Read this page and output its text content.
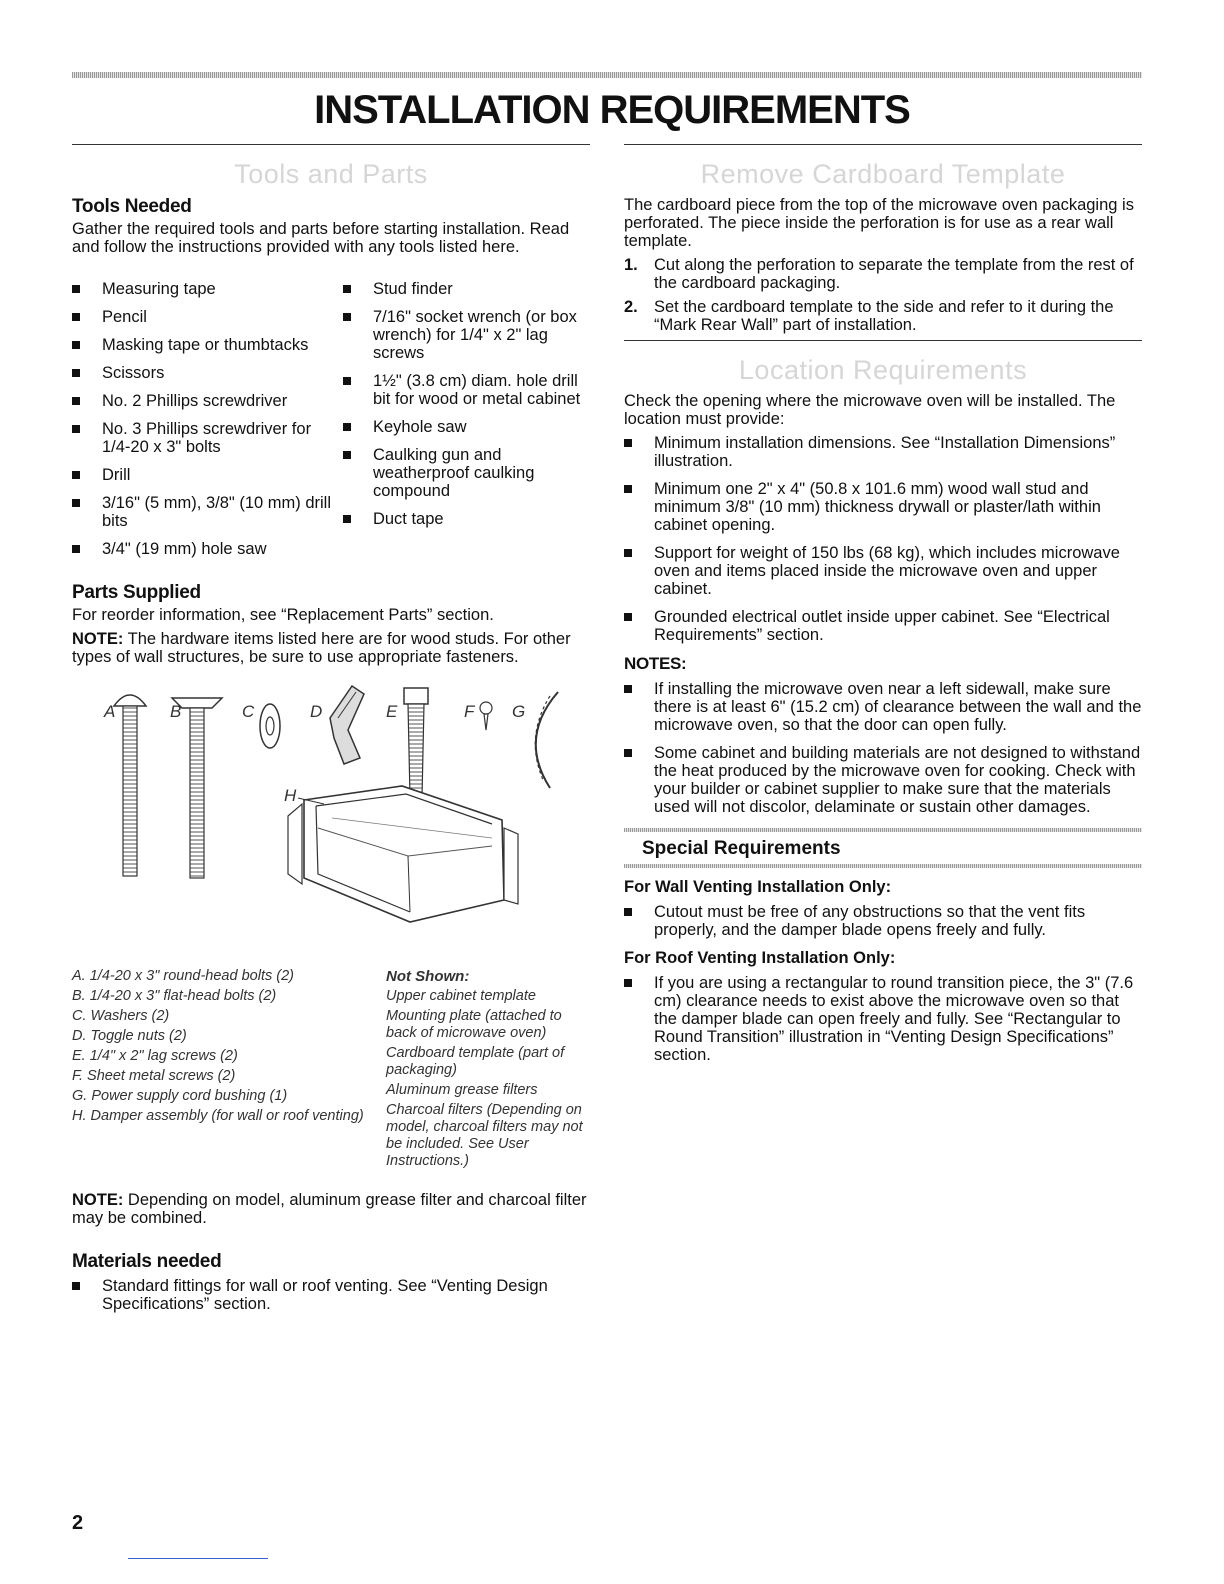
INSTALLATION REQUIREMENTS
Tools and Parts

Tools Needed

Gather the required tools and parts before starting installation. Read and follow the instructions provided with any tools listed here.

Measuring tape
Pencil
Masking tape or thumbtacks
Scissors
No. 2 Phillips screwdriver
No. 3 Phillips screwdriver for 1/4-20 x 3" bolts
Drill
3/16" (5 mm), 3/8" (10 mm) drill bits
3/4" (19 mm) hole saw
Stud finder
7/16" socket wrench (or box wrench) for 1/4" x 2" lag screws
1½" (3.8 cm) diam. hole drill bit for wood or metal cabinet
Keyhole saw
Caulking gun and weatherproof caulking compound
Duct tape

Parts Supplied

For reorder information, see “Replacement Parts” section.

NOTE: The hardware items listed here are for wood studs. For other types of wall structures, be sure to use appropriate fasteners.

A	B	C	D	E	F G
H

A. 1/4-20 x 3" round-head bolts (2)

B. 1/4-20 x 3" flat-head bolts (2)

C. Washers (2)

D. Toggle nuts (2)

E. 1/4" x 2" lag screws (2)

F. Sheet metal screws (2)

G. Power supply cord bushing (1)

H. Damper assembly (for wall or roof venting)

Not Shown:

Upper cabinet template

Mounting plate (attached to back of microwave oven)

Cardboard template (part of packaging)

Aluminum grease filters

Charcoal filters (Depending on model, charcoal filters may not be included. See User Instructions.)

NOTE: Depending on model, aluminum grease filter and charcoal filter may be combined.

Materials needed

Standard fittings for wall or roof venting. See “Venting Design Specifications” section.
Remove Cardboard Template

The cardboard piece from the top of the microwave oven packaging is perforated. The piece inside the perforation is for use as a rear wall template.

1. Cut along the perforation to separate the template from the rest of the cardboard packaging.
2. Set the cardboard template to the side and refer to it during the “Mark Rear Wall” part of installation.
Location Requirements

Check the opening where the microwave oven will be installed. The location must provide:

Minimum installation dimensions. See “Installation Dimensions” illustration.
Minimum one 2" x 4" (50.8 x 101.6 mm) wood wall stud and minimum 3/8" (10 mm) thickness drywall or plaster/lath within cabinet opening.
Support for weight of 150 lbs (68 kg), which includes microwave oven and items placed inside the microwave oven and upper cabinet.
Grounded electrical outlet inside upper cabinet. See “Electrical Requirements” section.

NOTES:

If installing the microwave oven near a left sidewall, make sure there is at least 6" (15.2 cm) of clearance between the wall and the microwave oven, so that the door can open fully.
Some cabinet and building materials are not designed to withstand the heat produced by the microwave oven for cooking. Check with your builder or cabinet supplier to make sure that the materials used will not discolor, delaminate or sustain other damages.
Special Requirements

For Wall Venting Installation Only:

Cutout must be free of any obstructions so that the vent fits properly, and the damper blade opens freely and fully.

For Roof Venting Installation Only:

If you are using a rectangular to round transition piece, the 3" (7.6 cm) clearance needs to exist above the microwave oven so that the damper blade can open freely and fully. See “Rectangular to Round Transition” illustration in “Venting Design Specifications” section.
2
